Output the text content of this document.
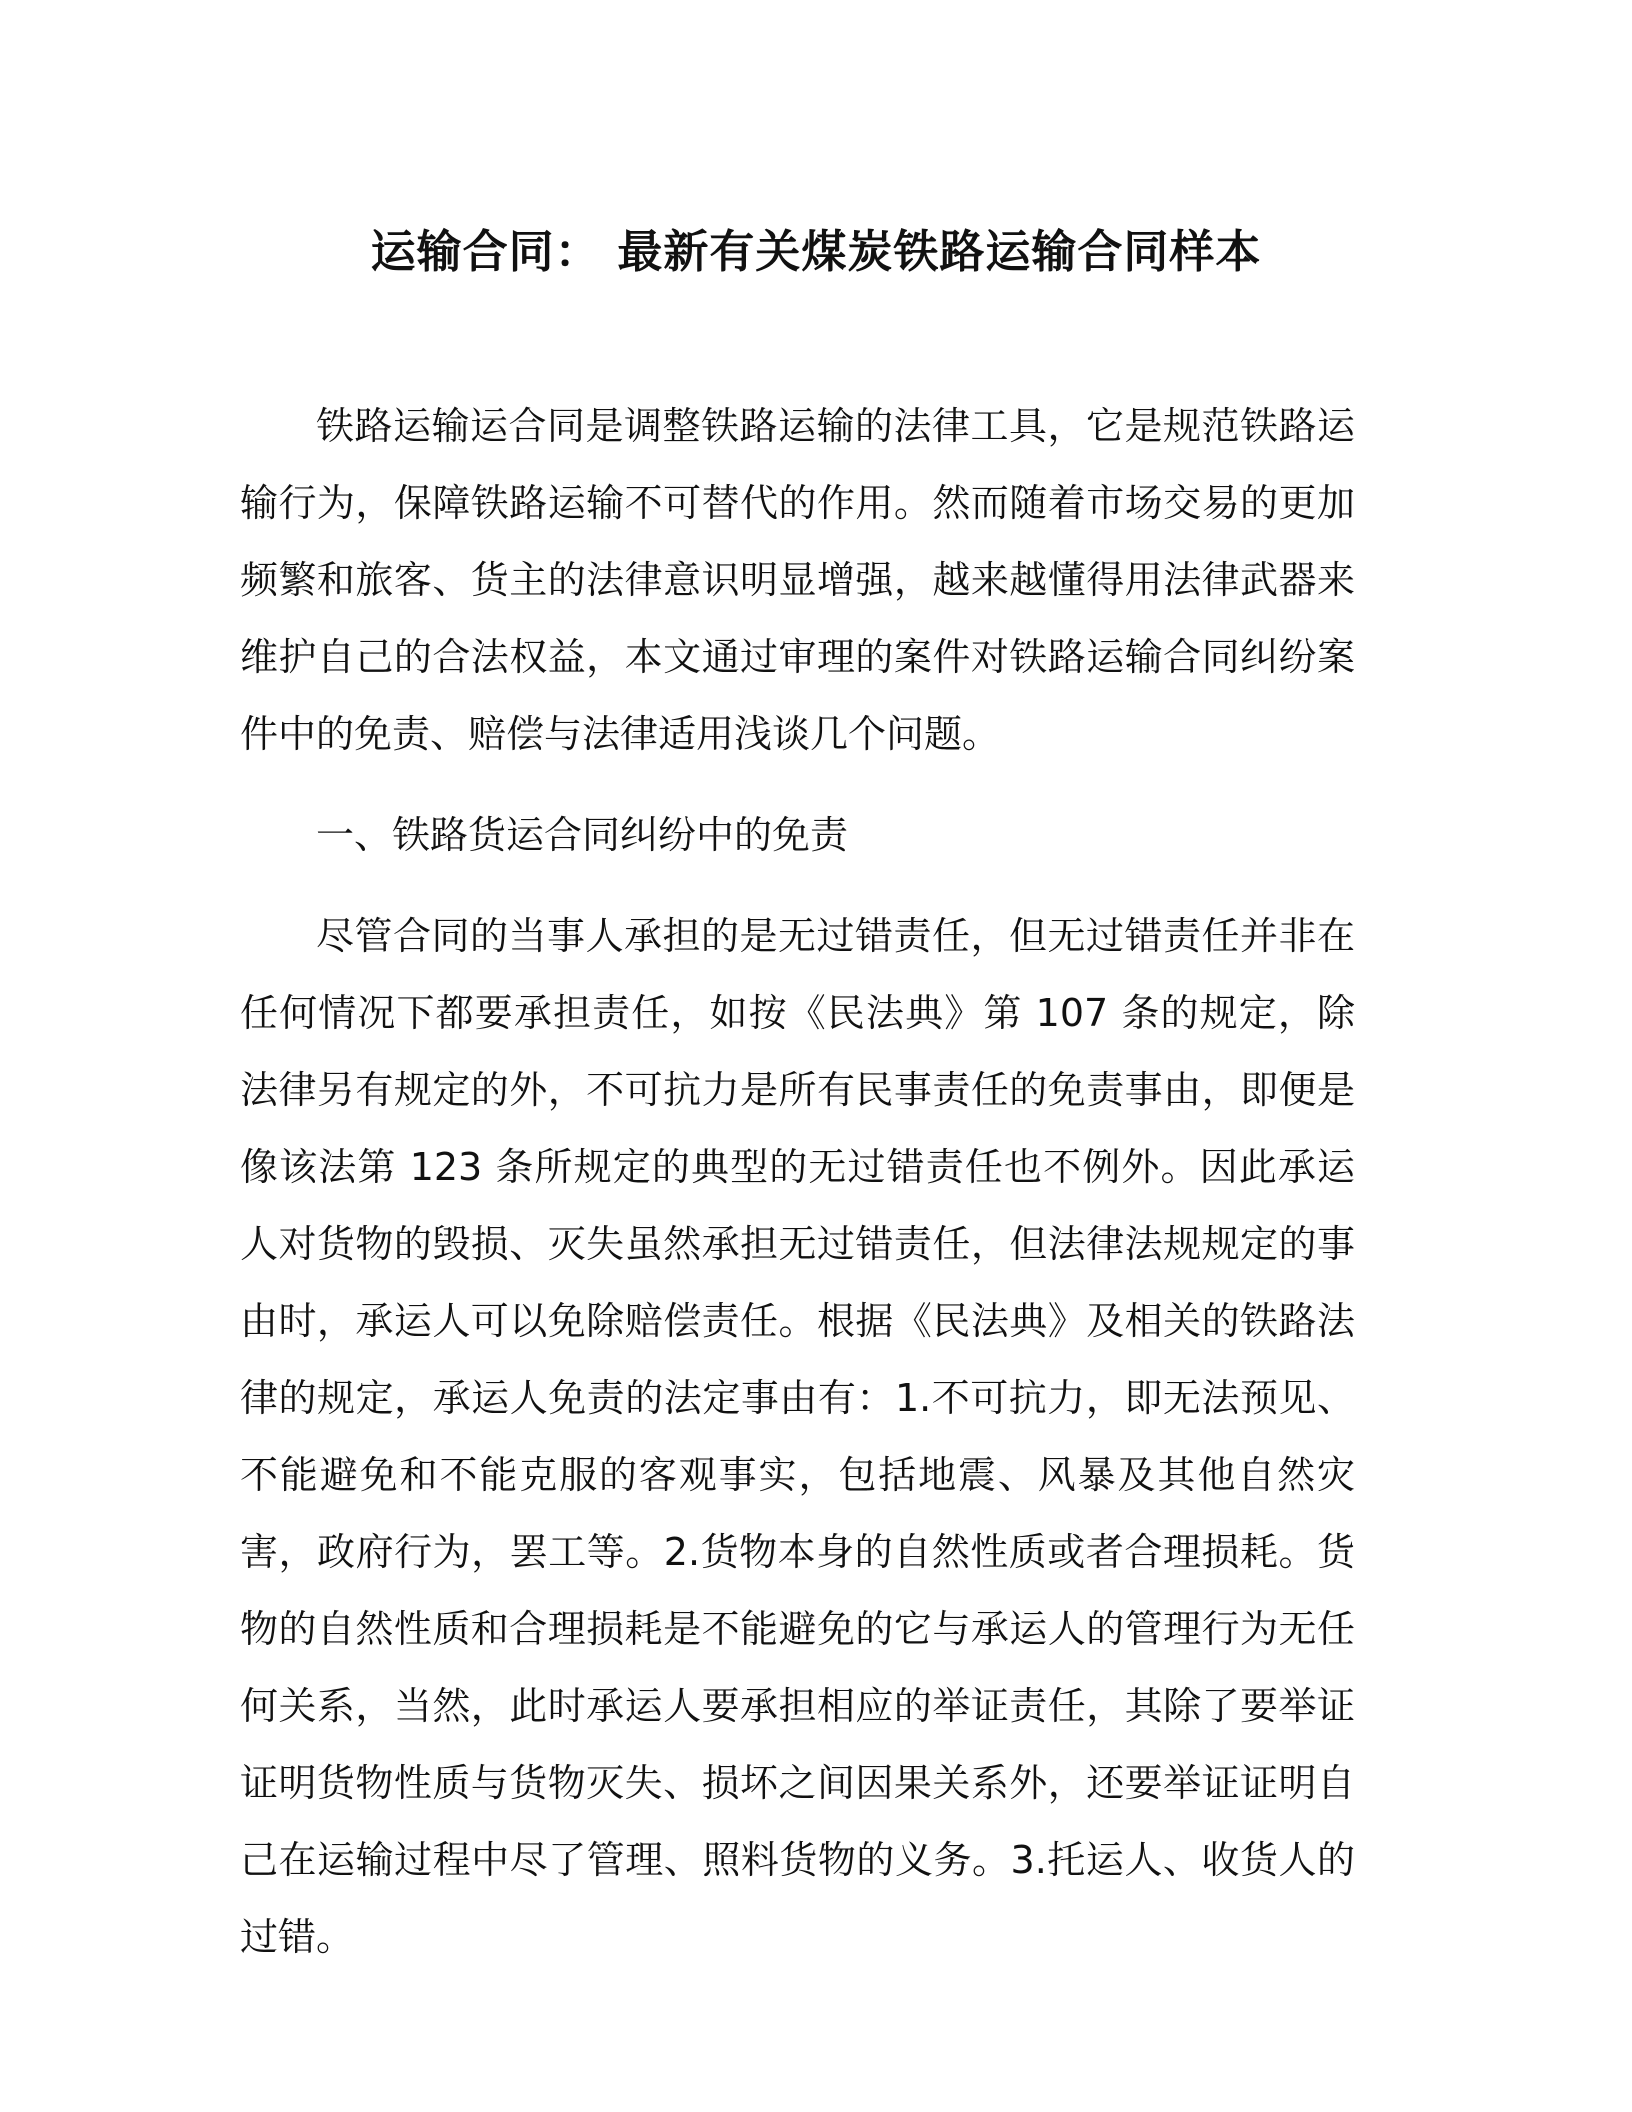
运输合同： 最新有关煤炭铁路运输合同样本

铁路运输运合同是调整铁路运输的法律工具，它是规范铁路运输行为，保障铁路运输不可替代的作用。然而随着市场交易的更加频繁和旅客、货主的法律意识明显增强，越来越懂得用法律武器来维护自己的合法权益，本文通过审理的案件对铁路运输合同纠纷案件中的免责、赔偿与法律适用浅谈几个问题。

一、铁路货运合同纠纷中的免责

尽管合同的当事人承担的是无过错责任，但无过错责任并非在任何情况下都要承担责任，如按《民法典》第 107 条的规定，除法律另有规定的外，不可抗力是所有民事责任的免责事由，即便是像该法第 123 条所规定的典型的无过错责任也不例外。因此承运人对货物的毁损、灭失虽然承担无过错责任，但法律法规规定的事由时，承运人可以免除赔偿责任。根据《民法典》及相关的铁路法律的规定，承运人免责的法定事由有：1.不可抗力，即无法预见、不能避免和不能克服的客观事实，包括地震、风暴及其他自然灾害，政府行为，罢工等。2.货物本身的自然性质或者合理损耗。货物的自然性质和合理损耗是不能避免的它与承运人的管理行为无任何关系，当然，此时承运人要承担相应的举证责任，其除了要举证证明货物性质与货物灭失、损坏之间因果关系外，还要举证证明自己在运输过程中尽了管理、照料货物的义务。3.托运人、收货人的过错。
